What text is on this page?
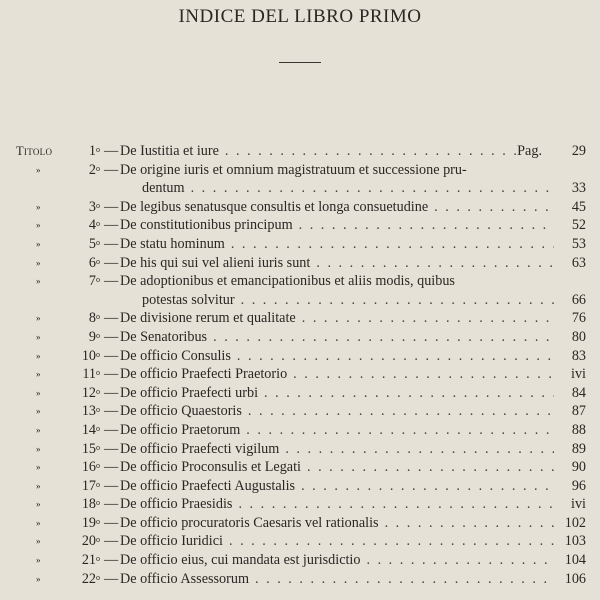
INDICE DEL LIBRO PRIMO
Titolo	1$^o$ — De Iustitia et iure . . .	Pag.	29
»	2$^o$ — De origine iuris et omnium magistratuum et successione pru-
dentum . . .	33
»	3$^o$ — De legibus senatusque consultis et longa consuetudine . . .	45
»	4$^o$ — De constitutionibus principum . . .	52
»	5$^o$ — De statu hominum . . .	53
»	6$^o$ — De his qui sui vel alieni iuris sunt . . .	63
»	7$^o$ — De adoptionibus et emancipationibus et aliis modis, quibus
potestas solvitur . . .	66
»	8$^o$ — De divisione rerum et qualitate . . .	76
»	9$^o$ — De Senatoribus . . .	80
»	10$^o$ — De officio Consulis . . .	83
»	11$^o$ — De officio Praefecti Praetorio . . .	ivi
»	12$^o$ — De officio Praefecti urbi . . .	84
»	13$^o$ — De officio Quaestoris . . .	87
»	14$^o$ — De officio Praetorum . . .	88
»	15$^o$ — De officio Praefecti vigilum . . .	89
»	16$^o$ — De officio Proconsulis et Legati . . .	90
»	17$^o$ — De officio Praefecti Augustalis . . .	96
»	18$^o$ — De officio Praesidis . . .	ivi
»	19$^o$ — De officio procuratoris Caesaris vel rationalis . . .	102
»	20$^o$ — De officio Iuridici . . .	103
»	21$^o$ — De officio eius, cui mandata est jurisdictio . . .	104
»	22$^o$ — De officio Assessorum . . .	106
